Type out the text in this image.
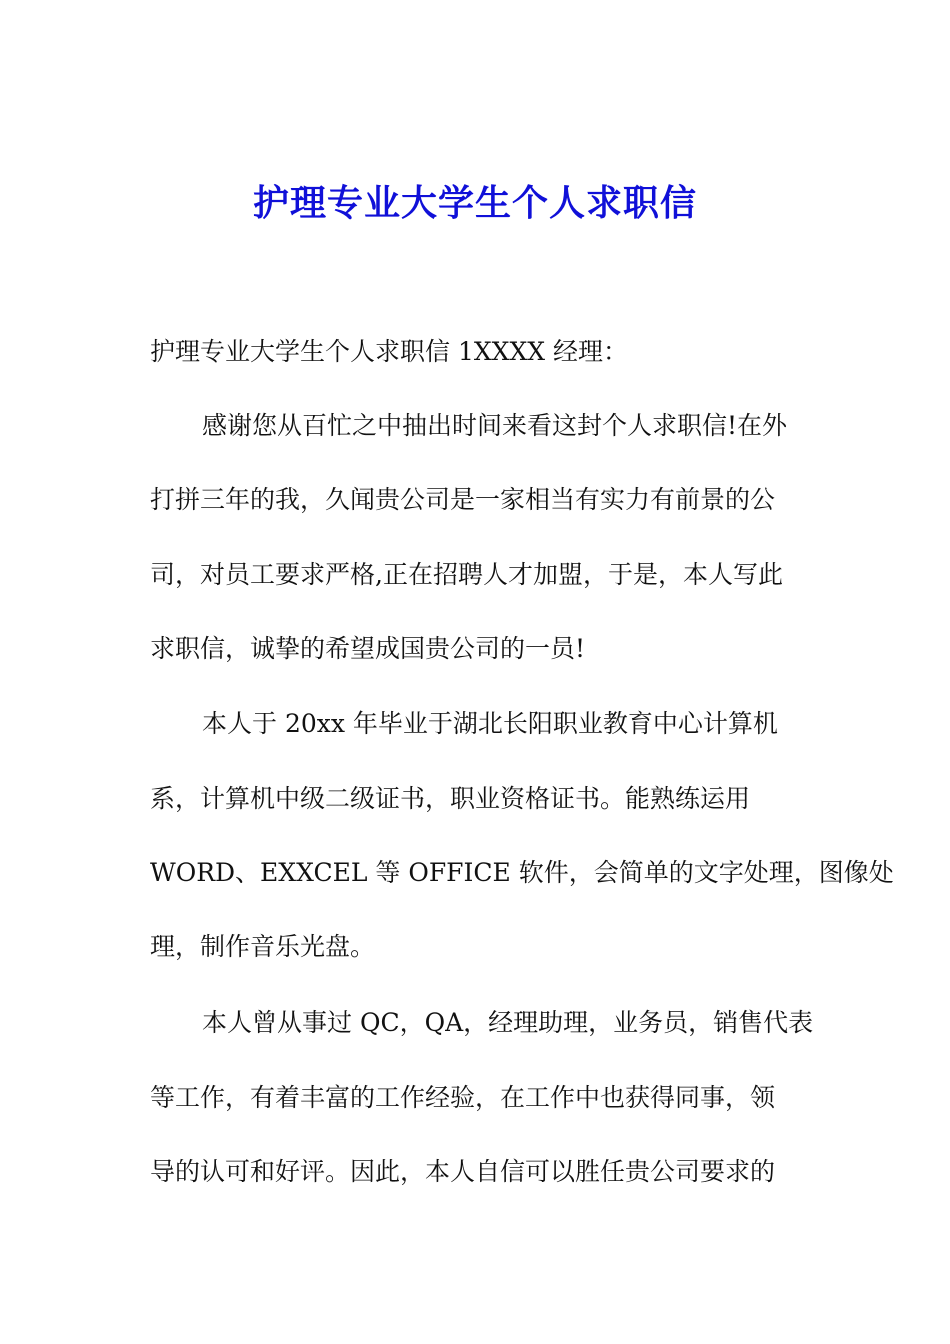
护理专业大学生个人求职信
护理专业大学生个人求职信 1XXXX 经理：
感谢您从百忙之中抽出时间来看这封个人求职信!在外
打拼三年的我，久闻贵公司是一家相当有实力有前景的公
司，对员工要求严格,正在招聘人才加盟，于是，本人写此
求职信，诚挚的希望成国贵公司的一员!
本人于 20xx 年毕业于湖北长阳职业教育中心计算机
系，计算机中级二级证书，职业资格证书。能熟练运用
WORD、EXXCEL 等 OFFICE 软件，会简单的文字处理，图像处
理，制作音乐光盘。
本人曾从事过 QC，QA，经理助理，业务员，销售代表
等工作，有着丰富的工作经验，在工作中也获得同事，领
导的认可和好评。因此，本人自信可以胜任贵公司要求的
